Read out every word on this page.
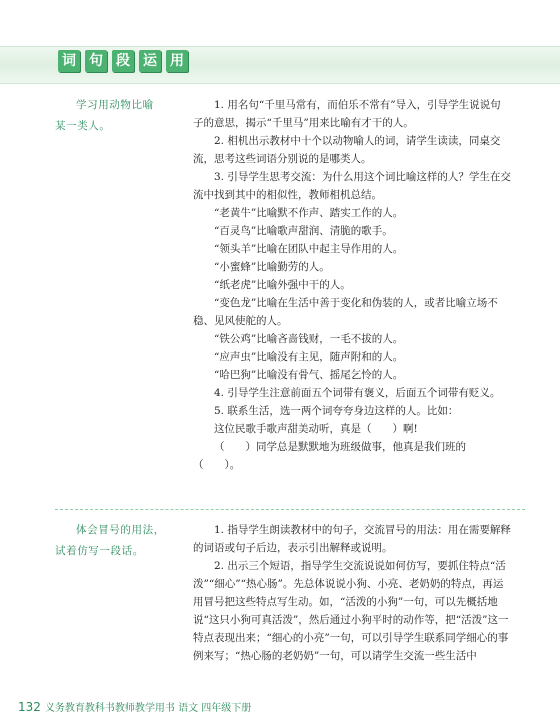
词 句 段 运 用

学习用动物比喻

某一类人。

1. 用名句“千里马常有，而伯乐不常有”导入，引导学生说说句子的意思，揭示“千里马”用来比喻有才干的人。

2. 相机出示教材中十个以动物喻人的词，请学生读读，同桌交流，思考这些词语分别说的是哪类人。

3. 引导学生思考交流：为什么用这个词比喻这样的人？学生在交流中找到其中的相似性，教师相机总结。

“老黄牛”比喻默不作声、踏实工作的人。

“百灵鸟”比喻歌声甜润、清脆的歌手。

“领头羊”比喻在团队中起主导作用的人。

“小蜜蜂”比喻勤劳的人。

“纸老虎”比喻外强中干的人。

“变色龙”比喻在生活中善于变化和伪装的人，或者比喻立场不稳、见风使舵的人。

“铁公鸡”比喻吝啬钱财，一毛不拔的人。

“应声虫”比喻没有主见，随声附和的人。

“哈巴狗”比喻没有骨气、摇尾乞怜的人。

4. 引导学生注意前面五个词带有褒义，后面五个词带有贬义。

5. 联系生活，选一两个词夸夸身边这样的人。比如：

这位民歌手歌声甜美动听，真是（　　）啊!

（　　）同学总是默默地为班级做事，他真是我们班的（　　）。

体会冒号的用法，

试着仿写一段话。

1. 指导学生朗读教材中的句子，交流冒号的用法：用在需要解释的词语或句子后边，表示引出解释或说明。

2. 出示三个短语，指导学生交流说说如何仿写，要抓住特点“活泼”“细心”“热心肠”。先总体说说小狗、小亮、老奶奶的特点，再运用冒号把这些特点写生动。如，“活泼的小狗”一句，可以先概括地说“这只小狗可真活泼”，然后通过小狗平时的动作等，把“活泼”这一特点表现出来；“细心的小亮”一句，可以引导学生联系同学细心的事例来写；“热心肠的老奶奶”一句，可以请学生交流一些生活中

132 义务教育教科书教师教学用书 语文 四年级下册
